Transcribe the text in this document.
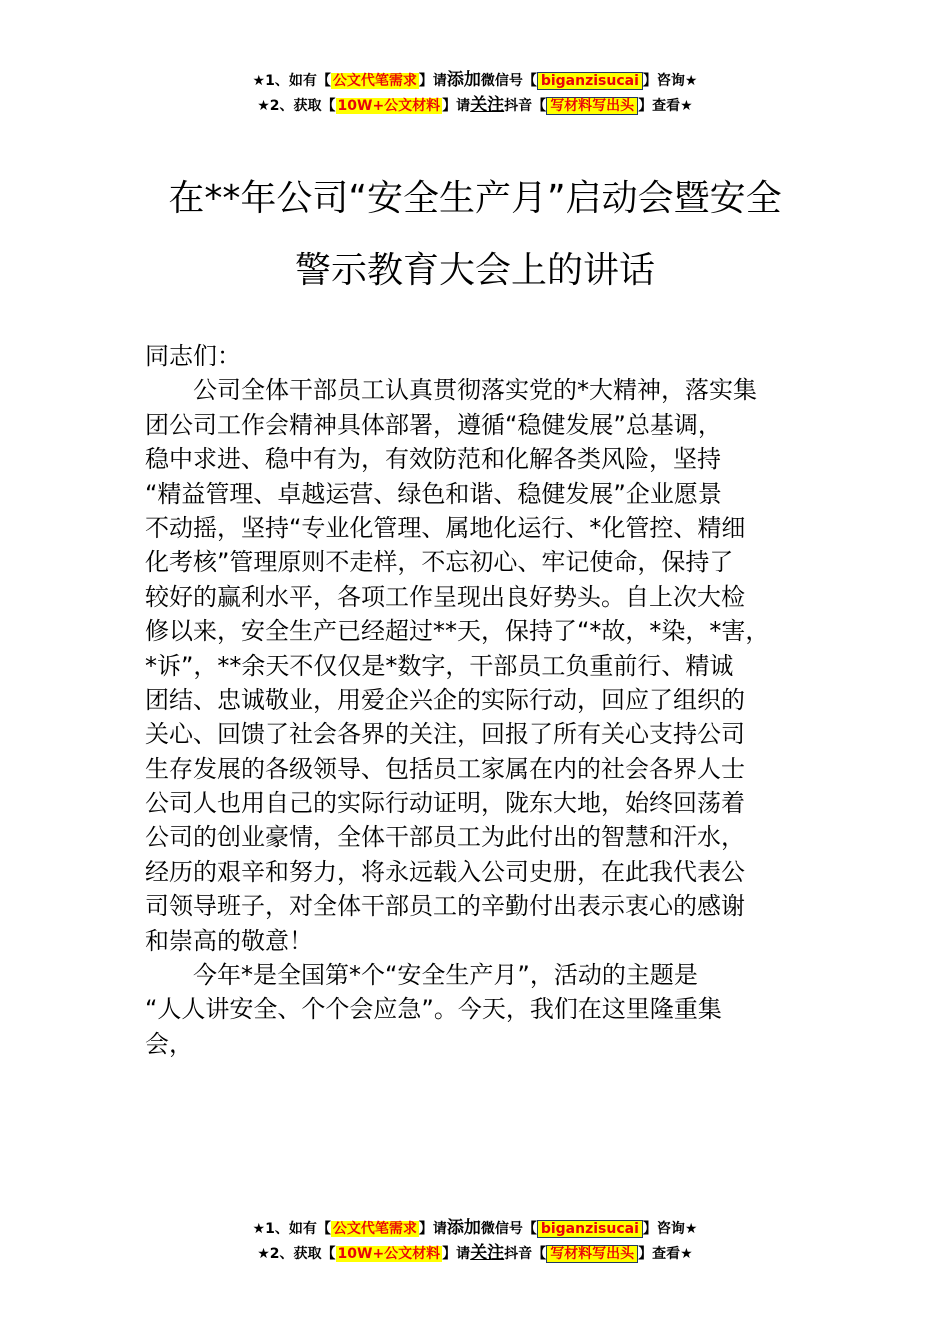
★1、如有【 公文代笔需求 】请添加微信号【 biganzisucai 】咨询★
★2、获取【 10W+公文材料 】请关注抖音【 写材料写出头 】查看★
在**年公司“安全生产月”启动会暨安全
警示教育大会上的讲话
同志们：
　　公司全体干部员工认真贯彻落实党的*大精神，落实集
团公司工作会精神具体部署，遵循“稳健发展”总基调，
稳中求进、稳中有为，有效防范和化解各类风险，坚持
“精益管理、卓越运营、绿色和谐、稳健发展”企业愿景
不动摇，坚持“专业化管理、属地化运行、*化管控、精细
化考核”管理原则不走样，不忘初心、牢记使命，保持了
较好的赢利水平，各项工作呈现出良好势头。自上次大检
修以来，安全生产已经超过**天，保持了“*故，*染，*害，
*诉”，**余天不仅仅是*数字，干部员工负重前行、精诚
团结、忠诚敬业，用爱企兴企的实际行动，回应了组织的
关心、回馈了社会各界的关注，回报了所有关心支持公司
生存发展的各级领导、包括员工家属在内的社会各界人士
公司人也用自己的实际行动证明，陇东大地，始终回荡着
公司的创业豪情，全体干部员工为此付出的智慧和汗水，
经历的艰辛和努力，将永远载入公司史册，在此我代表公
司领导班子，对全体干部员工的辛勤付出表示衷心的感谢
和崇高的敬意！
　　今年*是全国第*个“安全生产月”，活动的主题是
“人人讲安全、个个会应急”。今天，我们在这里隆重集
会，
★1、如有【 公文代笔需求 】请添加微信号【 biganzisucai 】咨询★
★2、获取【 10W+公文材料 】请关注抖音【 写材料写出头 】查看★
